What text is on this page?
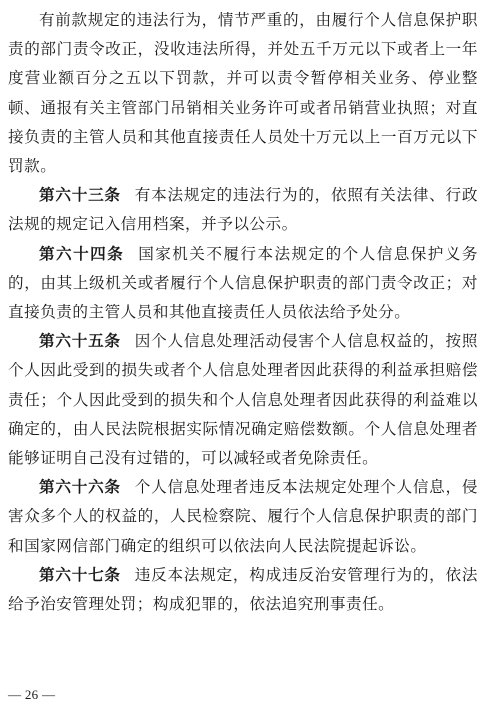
有前款规定的违法行为，情节严重的，由履行个人信息保护职责的部门责令改正，没收违法所得，并处五千万元以下或者上一年度营业额百分之五以下罚款，并可以责令暂停相关业务、停业整顿、通报有关主管部门吊销相关业务许可或者吊销营业执照；对直接负责的主管人员和其他直接责任人员处十万元以上一百万元以下罚款。

第六十三条 有本法规定的违法行为的，依照有关法律、行政法规的规定记入信用档案，并予以公示。

第六十四条 国家机关不履行本法规定的个人信息保护义务的，由其上级机关或者履行个人信息保护职责的部门责令改正；对直接负责的主管人员和其他直接责任人员依法给予处分。

第六十五条 因个人信息处理活动侵害个人信息权益的，按照个人因此受到的损失或者个人信息处理者因此获得的利益承担赔偿责任；个人因此受到的损失和个人信息处理者因此获得的利益难以确定的，由人民法院根据实际情况确定赔偿数额。个人信息处理者能够证明自己没有过错的，可以减轻或者免除责任。

第六十六条 个人信息处理者违反本法规定处理个人信息，侵害众多个人的权益的，人民检察院、履行个人信息保护职责的部门和国家网信部门确定的组织可以依法向人民法院提起诉讼。

第六十七条 违反本法规定，构成违反治安管理行为的，依法给予治安管理处罚；构成犯罪的，依法追究刑事责任。

— 26 —
